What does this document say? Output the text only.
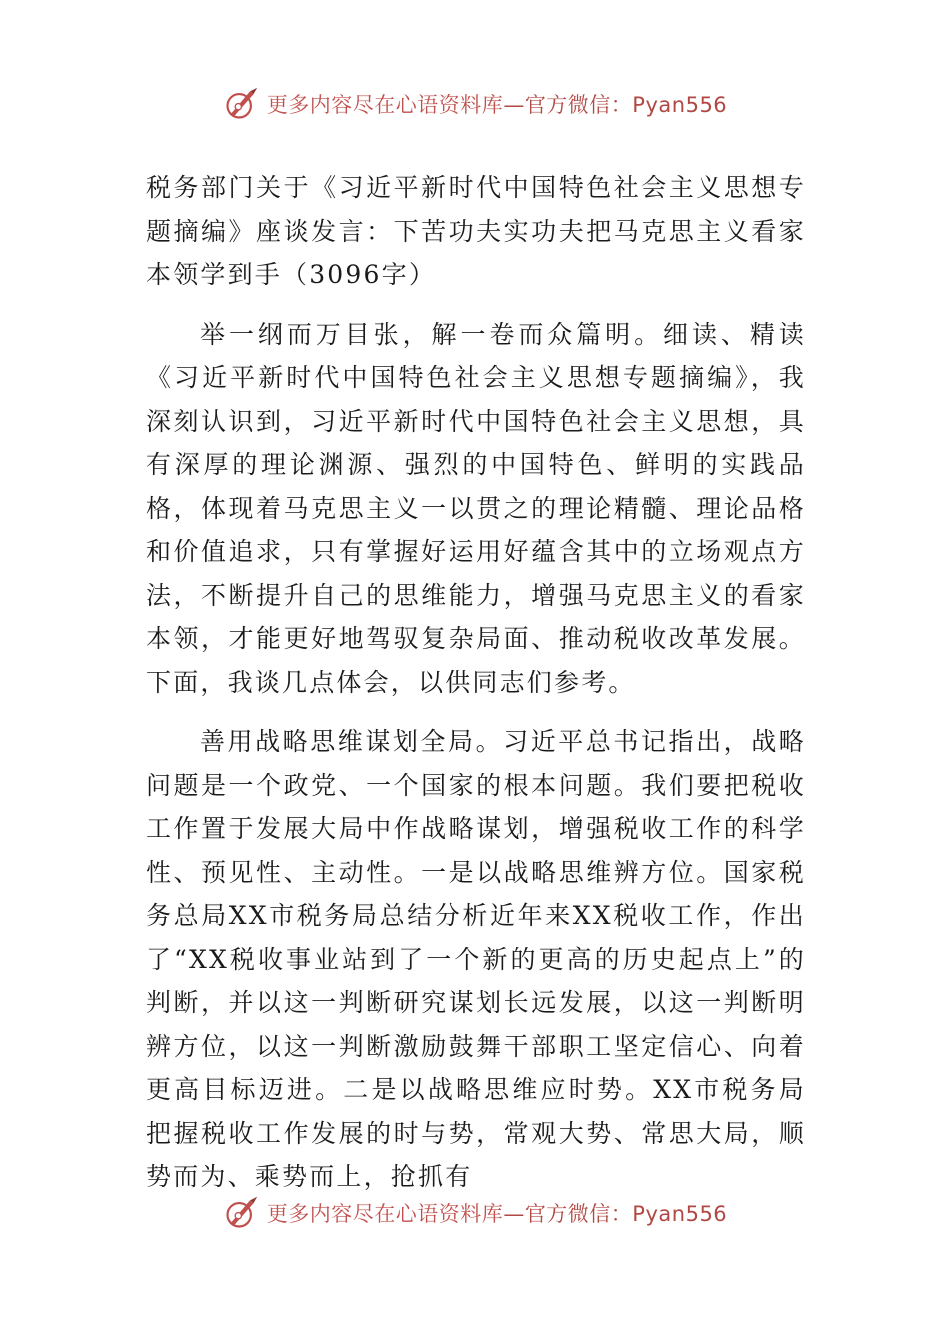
更多内容尽在心语资料库—官方微信：Pyan556

税务部门关于《习近平新时代中国特色社会主义思想专题摘编》座谈发言：下苦功夫实功夫把马克思主义看家本领学到手（3096字）

举一纲而万目张，解一卷而众篇明。细读、精读《习近平新时代中国特色社会主义思想专题摘编》，我深刻认识到，习近平新时代中国特色社会主义思想，具有深厚的理论渊源、强烈的中国特色、鲜明的实践品格，体现着马克思主义一以贯之的理论精髓、理论品格和价值追求，只有掌握好运用好蕴含其中的立场观点方法，不断提升自己的思维能力，增强马克思主义的看家本领，才能更好地驾驭复杂局面、推动税收改革发展。下面，我谈几点体会，以供同志们参考。

善用战略思维谋划全局。习近平总书记指出，战略问题是一个政党、一个国家的根本问题。我们要把税收工作置于发展大局中作战略谋划，增强税收工作的科学性、预见性、主动性。一是以战略思维辨方位。国家税务总局XX市税务局总结分析近年来XX税收工作，作出了“XX税收事业站到了一个新的更高的历史起点上”的判断，并以这一判断研究谋划长远发展，以这一判断明辨方位，以这一判断激励鼓舞干部职工坚定信心、向着更高目标迈进。二是以战略思维应时势。XX市税务局把握税收工作发展的时与势，常观大势、常思大局，顺势而为、乘势而上，抢抓有

更多内容尽在心语资料库—官方微信：Pyan556
